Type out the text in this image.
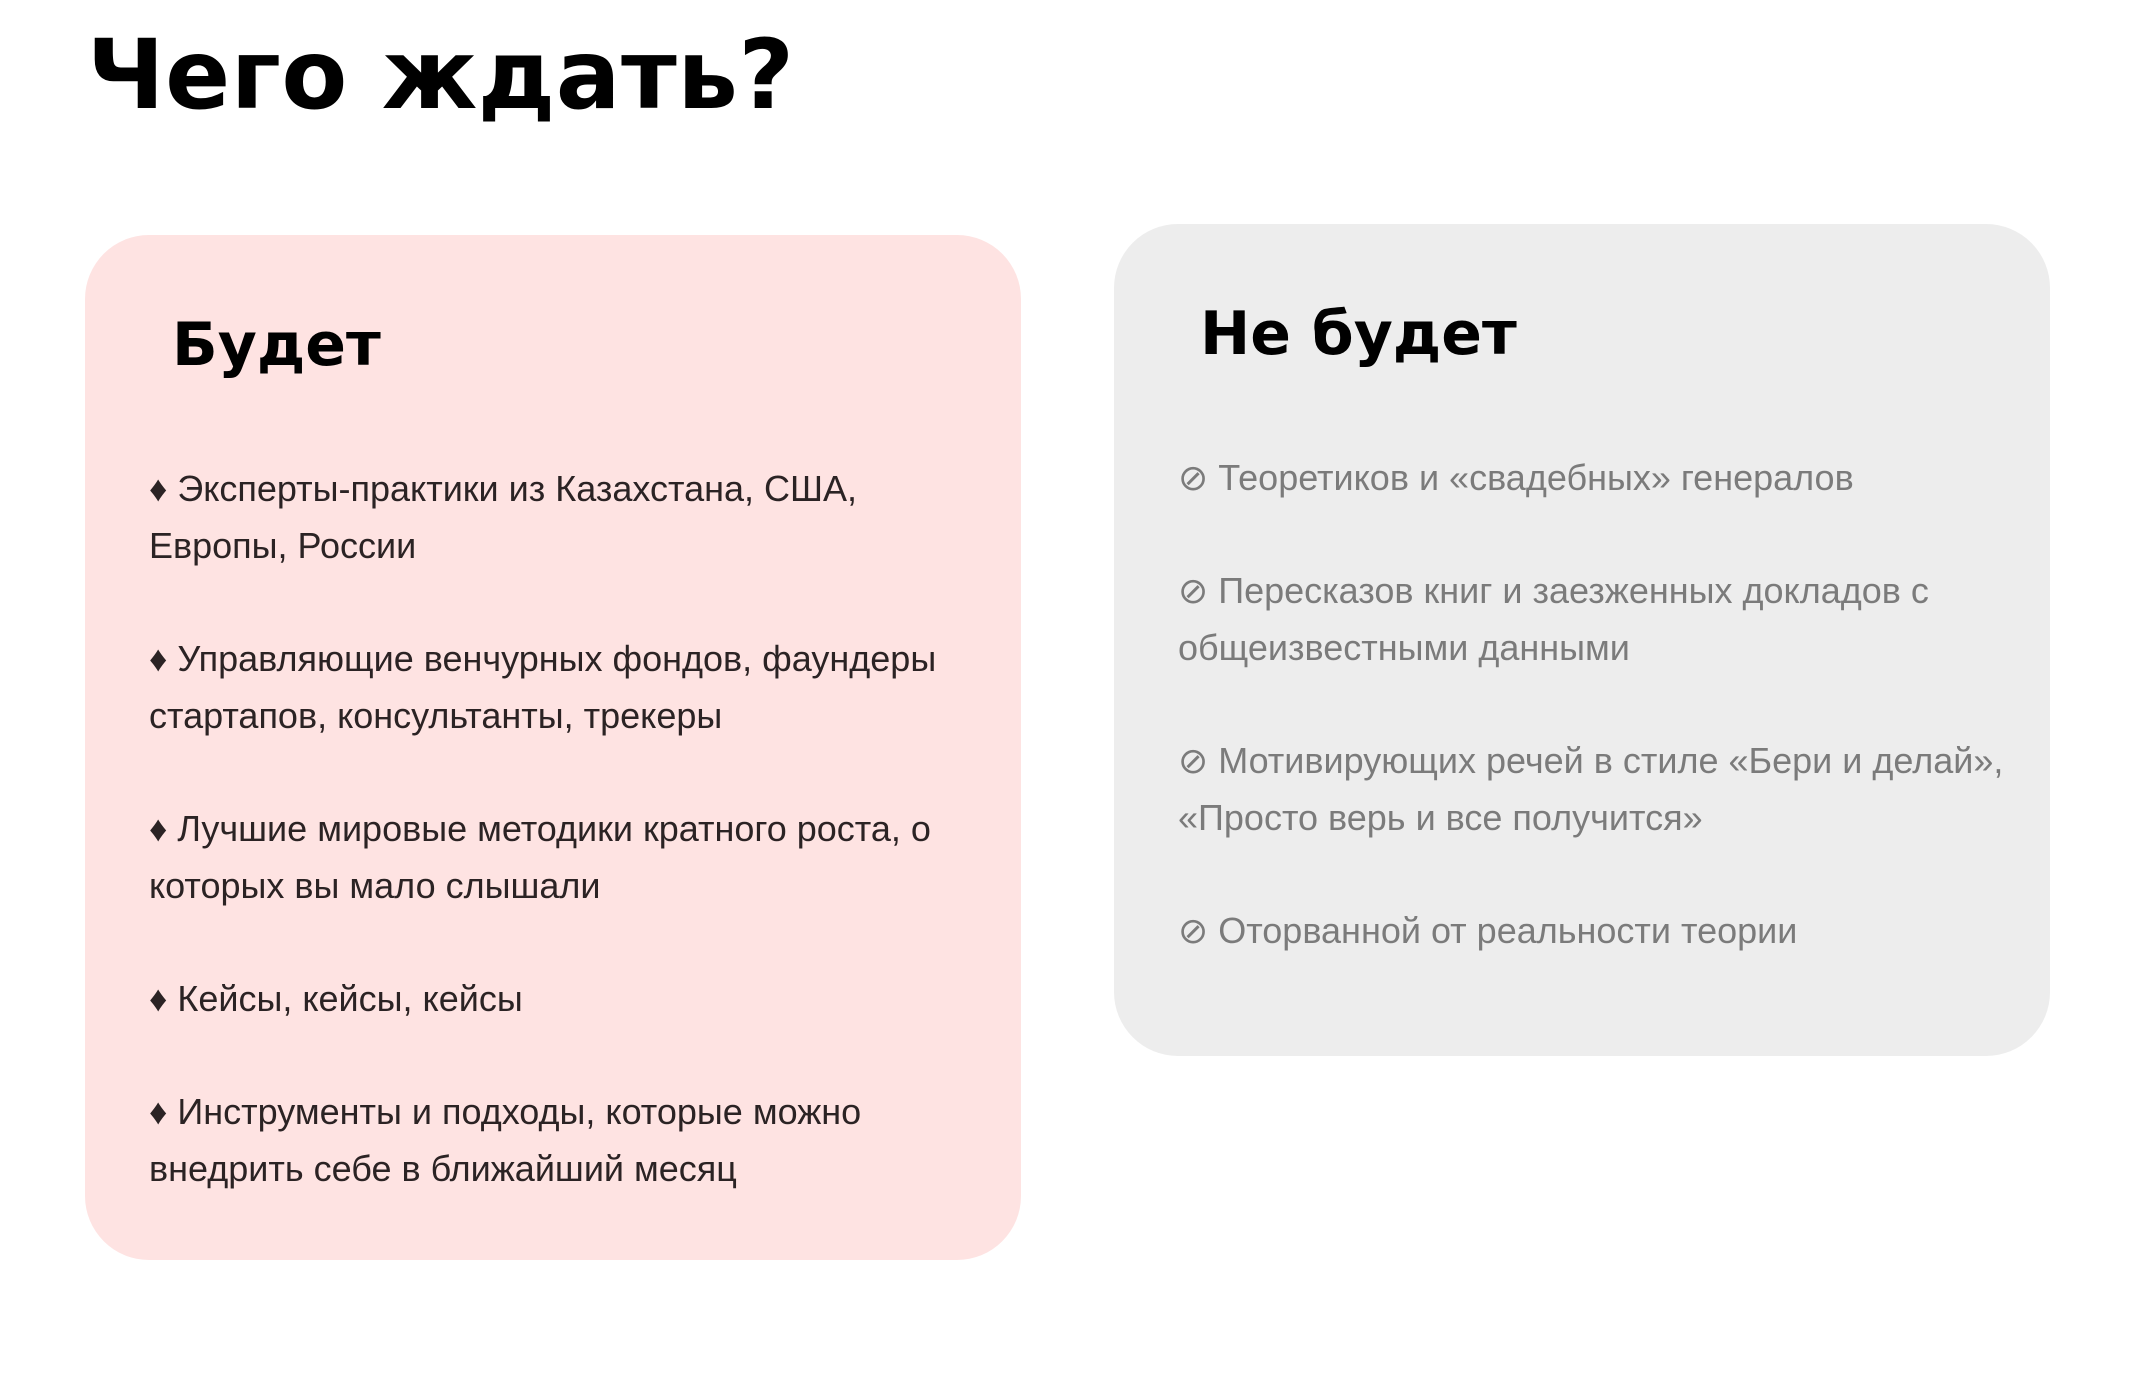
Чего ждать?
Будет
♦ Эксперты-практики из Казахстана, США, Европы, России
♦ Управляющие венчурных фондов, фаундеры стартапов, консультанты, трекеры
♦ Лучшие мировые методики кратного роста, о которых вы мало слышали
♦ Кейсы, кейсы, кейсы
♦ Инструменты и подходы, которые можно внедрить себе в ближайший месяц
Не будет
⊘ Теоретиков и «свадебных» генералов
⊘ Пересказов книг и заезженных докладов с общеизвестными данными
⊘ Мотивирующих речей в стиле «Бери и делай», «Просто верь и все получится»
⊘ Оторванной от реальности теории
